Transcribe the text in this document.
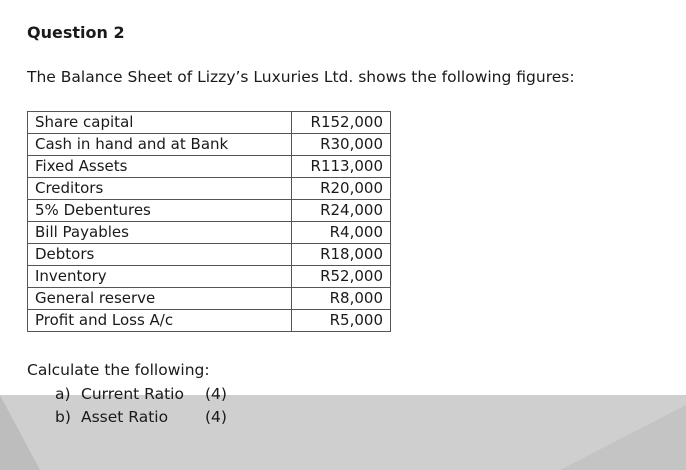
Question 2
The Balance Sheet of Lizzy’s Luxuries Ltd. shows the following figures:
Share capital	R152,000
Cash in hand and at Bank	R30,000
Fixed Assets	R113,000
Creditors	R20,000
5% Debentures	R24,000
Bill Payables	R4,000
Debtors	R18,000
Inventory	R52,000
General reserve	R8,000
Profit and Loss A/c	R5,000
Calculate the following:
a) Current Ratio (4)
b) Asset Ratio (4)
